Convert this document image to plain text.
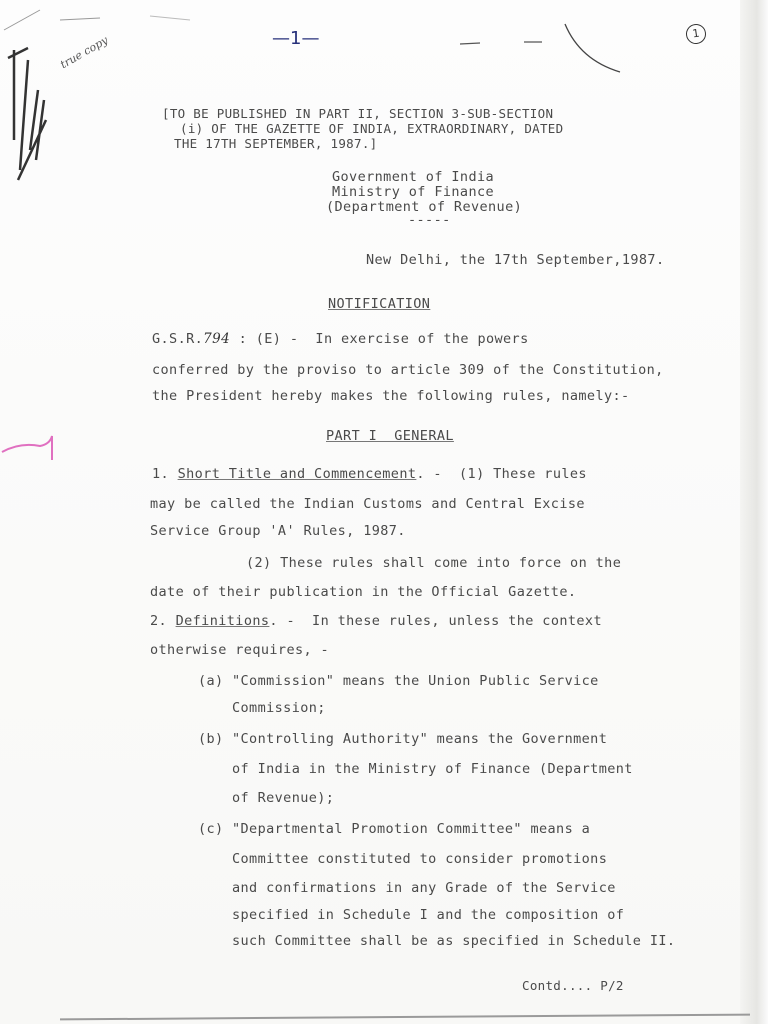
true copy	—1—	1
[TO BE PUBLISHED IN PART II, SECTION 3-SUB-SECTION
(i) OF THE GAZETTE OF INDIA, EXTRAORDINARY, DATED
THE 17TH SEPTEMBER, 1987.]
Government of India
Ministry of Finance
(Department of Revenue)
-----
New Delhi, the 17th September,1987.
NOTIFICATION
G.S.R.794 : (E) -  In exercise of the powers
conferred by the proviso to article 309 of the Constitution,
the President hereby makes the following rules, namely:-
PART I  GENERAL
1. Short Title and Commencement. -  (1) These rules
may be called the Indian Customs and Central Excise
Service Group 'A' Rules, 1987.
(2) These rules shall come into force on the
date of their publication in the Official Gazette.
2. Definitions. -  In these rules, unless the context
otherwise requires, -
(a) "Commission" means the Union Public Service
Commission;
(b) "Controlling Authority" means the Government
of India in the Ministry of Finance (Department
of Revenue);
(c) "Departmental Promotion Committee" means a
Committee constituted to consider promotions
and confirmations in any Grade of the Service
specified in Schedule I and the composition of
such Committee shall be as specified in Schedule II.
Contd.... P/2
